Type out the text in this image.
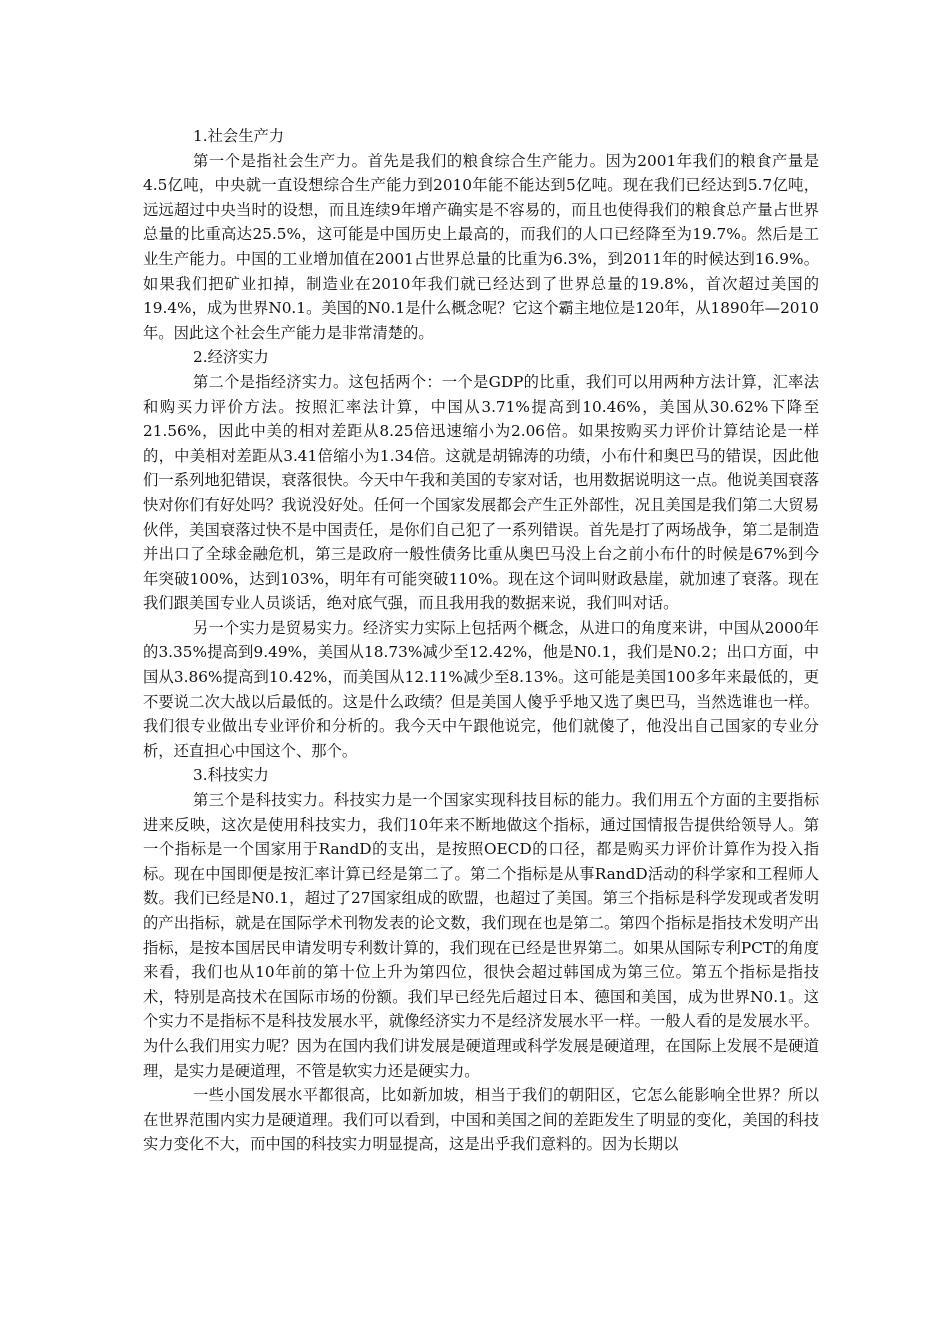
1.社会生产力

第一个是指社会生产力。首先是我们的粮食综合生产能力。因为2001年我们的粮食产量是4.5亿吨，中央就一直设想综合生产能力到2010年能不能达到5亿吨。现在我们已经达到5.7亿吨，远远超过中央当时的设想，而且连续9年增产确实是不容易的，而且也使得我们的粮食总产量占世界总量的比重高达25.5%，这可能是中国历史上最高的，而我们的人口已经降至为19.7%。然后是工业生产能力。中国的工业增加值在2001占世界总量的比重为6.3%，到2011年的时候达到16.9%。如果我们把矿业扣掉，制造业在2010年我们就已经达到了世界总量的19.8%，首次超过美国的19.4%，成为世界N0.1。美国的N0.1是什么概念呢？它这个霸主地位是120年，从1890年—2010年。因此这个社会生产能力是非常清楚的。

2.经济实力

第二个是指经济实力。这包括两个：一个是GDP的比重，我们可以用两种方法计算，汇率法和购买力评价方法。按照汇率法计算，中国从3.71%提高到10.46%，美国从30.62%下降至21.56%，因此中美的相对差距从8.25倍迅速缩小为2.06倍。如果按购买力评价计算结论是一样的，中美相对差距从3.41倍缩小为1.34倍。这就是胡锦涛的功绩，小布什和奥巴马的错误，因此他们一系列地犯错误，衰落很快。今天中午我和美国的专家对话，也用数据说明这一点。他说美国衰落快对你们有好处吗？我说没好处。任何一个国家发展都会产生正外部性，况且美国是我们第二大贸易伙伴，美国衰落过快不是中国责任，是你们自己犯了一系列错误。首先是打了两场战争，第二是制造并出口了全球金融危机，第三是政府一般性债务比重从奥巴马没上台之前小布什的时候是67%到今年突破100%，达到103%，明年有可能突破110%。现在这个词叫财政悬崖，就加速了衰落。现在我们跟美国专业人员谈话，绝对底气强，而且我用我的数据来说，我们叫对话。

另一个实力是贸易实力。经济实力实际上包括两个概念，从进口的角度来讲，中国从2000年的3.35%提高到9.49%，美国从18.73%减少至12.42%，他是N0.1，我们是N0.2；出口方面，中国从3.86%提高到10.42%，而美国从12.11%减少至8.13%。这可能是美国100多年来最低的，更不要说二次大战以后最低的。这是什么政绩？但是美国人傻乎乎地又选了奥巴马，当然选谁也一样。我们很专业做出专业评价和分析的。我今天中午跟他说完，他们就傻了，他没出自己国家的专业分析，还直担心中国这个、那个。

3.科技实力

第三个是科技实力。科技实力是一个国家实现科技目标的能力。我们用五个方面的主要指标进来反映，这次是使用科技实力，我们10年来不断地做这个指标，通过国情报告提供给领导人。第一个指标是一个国家用于RandD的支出，是按照OECD的口径，都是购买力评价计算作为投入指标。现在中国即便是按汇率计算已经是第二了。第二个指标是从事RandD活动的科学家和工程师人数。我们已经是N0.1，超过了27国家组成的欧盟，也超过了美国。第三个指标是科学发现或者发明的产出指标，就是在国际学术刊物发表的论文数，我们现在也是第二。第四个指标是指技术发明产出指标，是按本国居民申请发明专利数计算的，我们现在已经是世界第二。如果从国际专利PCT的角度来看，我们也从10年前的第十位上升为第四位，很快会超过韩国成为第三位。第五个指标是指技术，特别是高技术在国际市场的份额。我们早已经先后超过日本、德国和美国，成为世界N0.1。这个实力不是指标不是科技发展水平，就像经济实力不是经济发展水平一样。一般人看的是发展水平。为什么我们用实力呢？因为在国内我们讲发展是硬道理或科学发展是硬道理，在国际上发展不是硬道理，是实力是硬道理，不管是软实力还是硬实力。

一些小国发展水平都很高，比如新加坡，相当于我们的朝阳区，它怎么能影响全世界？所以在世界范围内实力是硬道理。我们可以看到，中国和美国之间的差距发生了明显的变化，美国的科技实力变化不大，而中国的科技实力明显提高，这是出乎我们意料的。因为长期以
